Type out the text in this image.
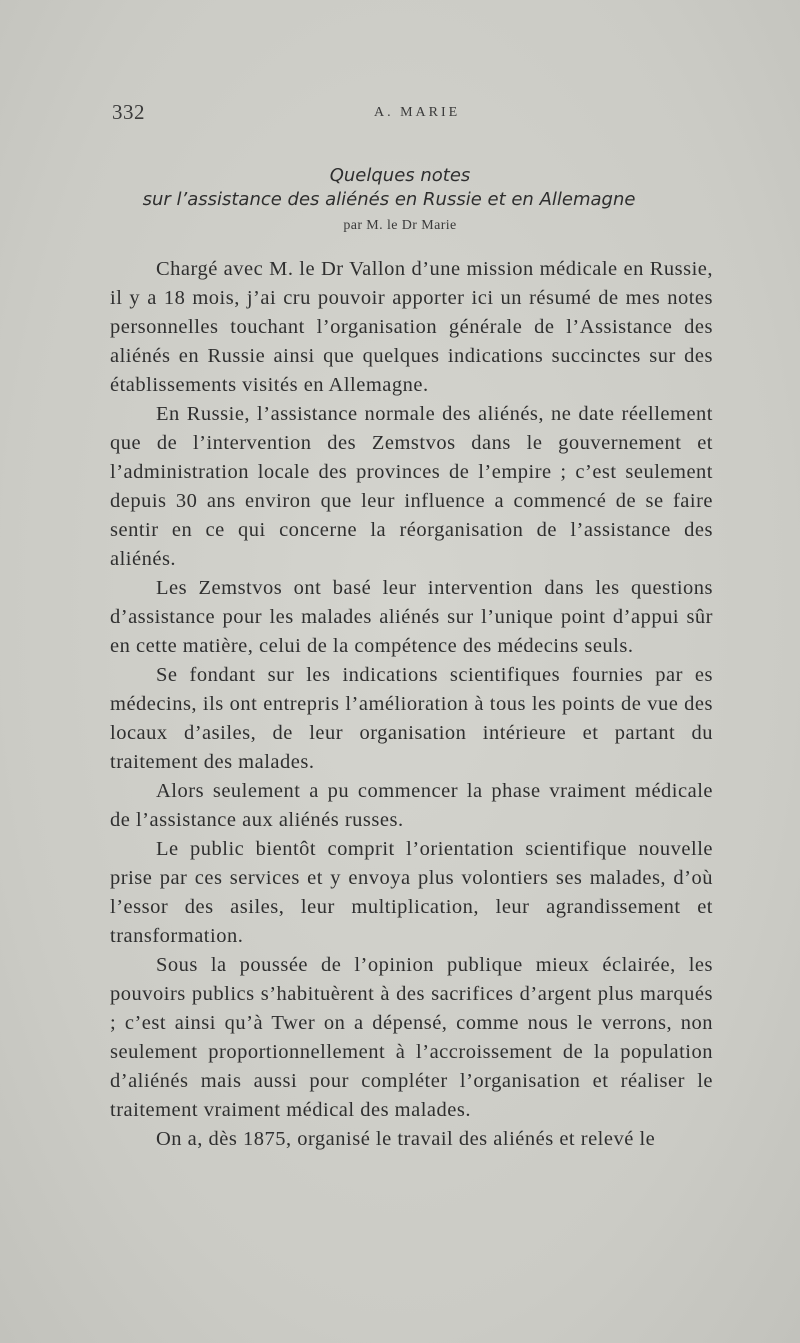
332	A. MARIE
Quelques notes
sur l’assistance des aliénés en Russie et en Allemagne
par M. le Dr Marie

Chargé avec M. le Dr Vallon d’une mission médicale en Russie, il y a 18 mois, j’ai cru pouvoir apporter ici un résumé de mes notes personnelles touchant l’organisation générale de l’Assistance des aliénés en Russie ainsi que quelques indications succinctes sur des établissements visités en Allemagne.

En Russie, l’assistance normale des aliénés, ne date réellement que de l’intervention des Zemstvos dans le gouvernement et l’administration locale des provinces de l’empire ; c’est seulement depuis 30 ans environ que leur influence a commencé de se faire sentir en ce qui concerne la réorganisation de l’assistance des aliénés.

Les Zemstvos ont basé leur intervention dans les questions d’assistance pour les malades aliénés sur l’unique point d’appui sûr en cette matière, celui de la compétence des médecins seuls.

Se fondant sur les indications scientifiques fournies par es médecins, ils ont entrepris l’amélioration à tous les points de vue des locaux d’asiles, de leur organisation intérieure et partant du traitement des malades.

Alors seulement a pu commencer la phase vraiment médicale de l’assistance aux aliénés russes.

Le public bientôt comprit l’orientation scientifique nouvelle prise par ces services et y envoya plus volontiers ses malades, d’où l’essor des asiles, leur multiplication, leur agrandissement et transformation.

Sous la poussée de l’opinion publique mieux éclairée, les pouvoirs publics s’habituèrent à des sacrifices d’argent plus marqués ; c’est ainsi qu’à Twer on a dépensé, comme nous le verrons, non seulement proportionnellement à l’accroissement de la population d’aliénés mais aussi pour compléter l’organisation et réaliser le traitement vraiment médical des malades.

On a, dès 1875, organisé le travail des aliénés et relevé le
